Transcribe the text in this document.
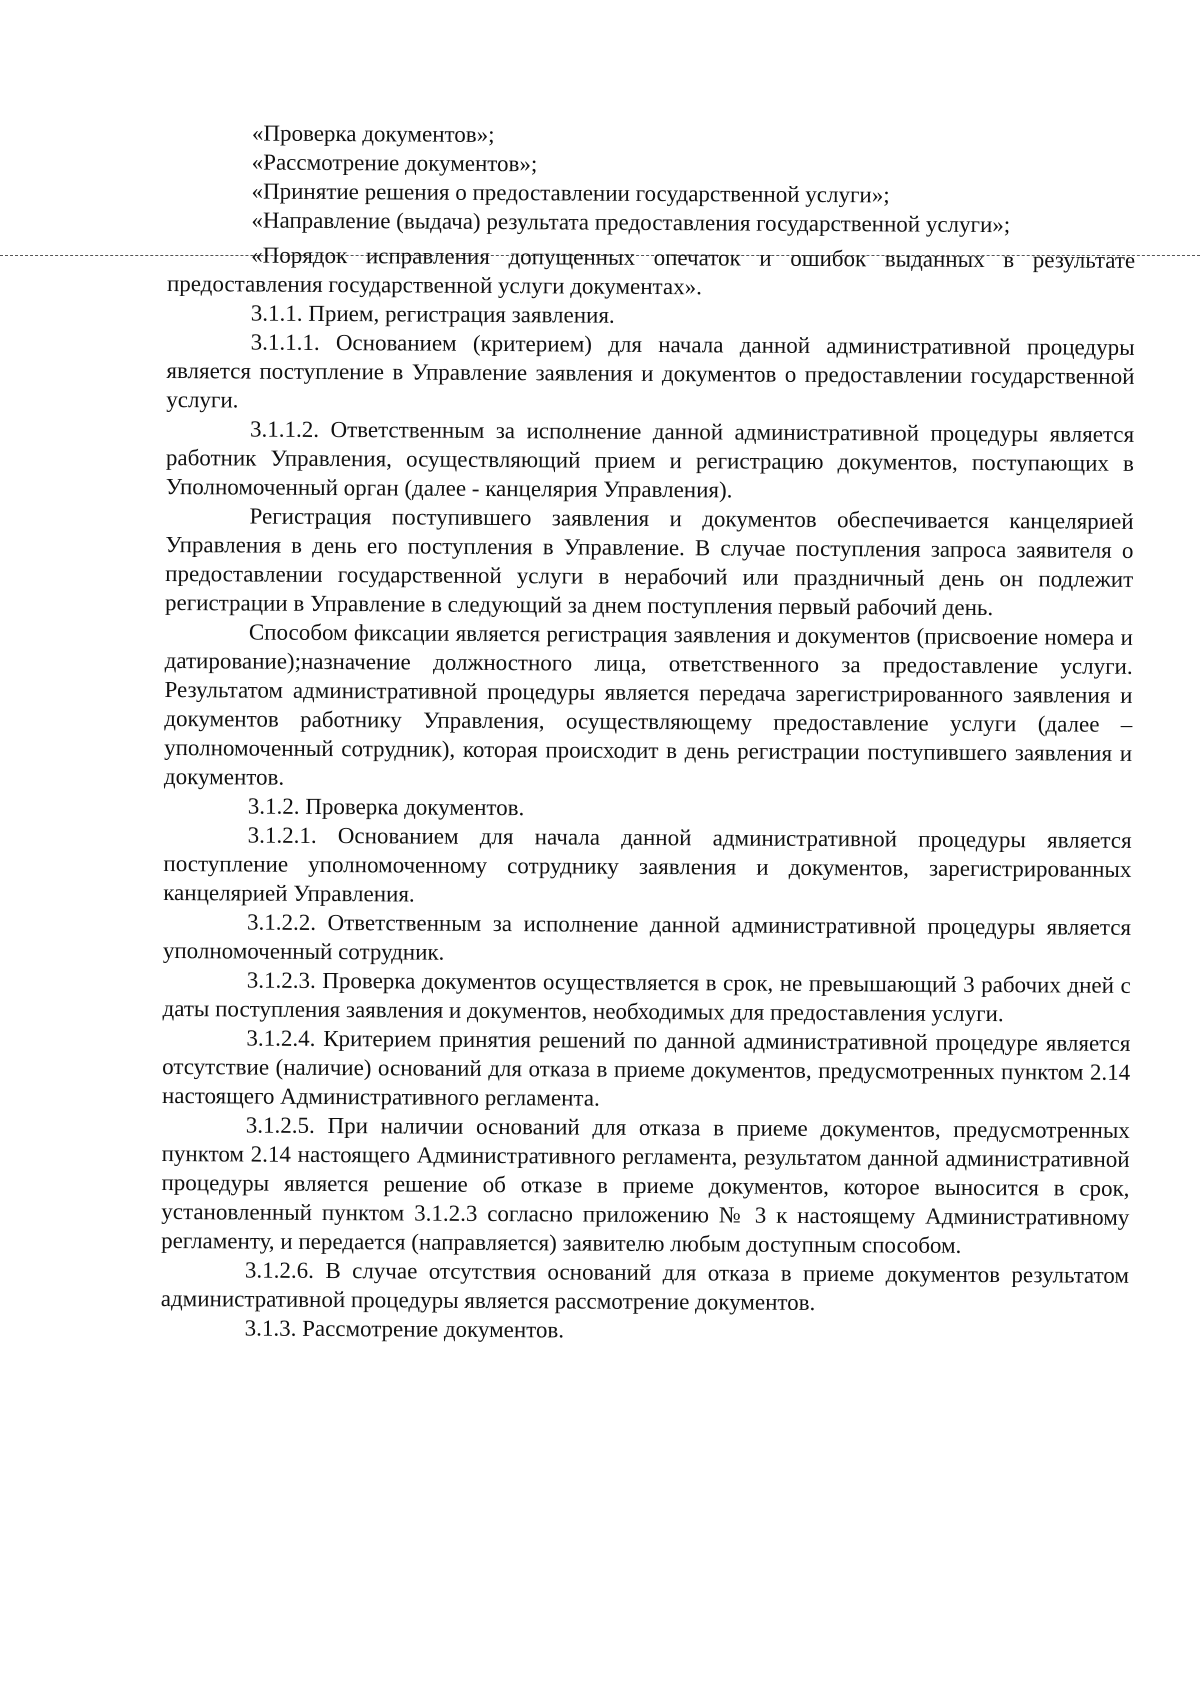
«Проверка документов»;

«Рассмотрение документов»;

«Принятие решения о предоставлении государственной услуги»;

«Направление (выдача) результата предоставления государственной услуги»;

«Порядок исправления допущенных опечаток и ошибок выданных в результате предоставления государственной услуги документах».

3.1.1. Прием, регистрация заявления.

3.1.1.1. Основанием (критерием) для начала данной административной процедуры является поступление в Управление заявления и документов о предоставлении государственной услуги.

3.1.1.2. Ответственным за исполнение данной административной процедуры является работник Управления, осуществляющий прием и регистрацию документов, поступающих в Уполномоченный орган (далее - канцелярия Управления).

Регистрация поступившего заявления и документов обеспечивается канцелярией Управления в день его поступления в Управление. В случае поступления запроса заявителя о предоставлении государственной услуги в нерабочий или праздничный день он подлежит регистрации в Управление в следующий за днем поступления первый рабочий день.

Способом фиксации является регистрация заявления и документов (присвоение номера и датирование);назначение должностного лица, ответственного за предоставление услуги. Результатом административной процедуры является передача зарегистрированного заявления и документов работнику Управления, осуществляющему предоставление услуги (далее – уполномоченный сотрудник), которая происходит в день регистрации поступившего заявления и документов.

3.1.2. Проверка документов.

3.1.2.1. Основанием для начала данной административной процедуры является поступление уполномоченному сотруднику заявления и документов, зарегистрированных канцелярией Управления.

3.1.2.2. Ответственным за исполнение данной административной процедуры является уполномоченный сотрудник.

3.1.2.3. Проверка документов осуществляется в срок, не превышающий 3 рабочих дней с даты поступления заявления и документов, необходимых для предоставления услуги.

3.1.2.4. Критерием принятия решений по данной административной процедуре является отсутствие (наличие) оснований для отказа в приеме документов, предусмотренных пунктом 2.14 настоящего Административного регламента.

3.1.2.5. При наличии оснований для отказа в приеме документов, предусмотренных пунктом 2.14 настоящего Административного регламента, результатом данной административной процедуры является решение об отказе в приеме документов, которое выносится в срок, установленный пунктом 3.1.2.3 согласно приложению № 3 к настоящему Административному регламенту, и передается (направляется) заявителю любым доступным способом.

3.1.2.6. В случае отсутствия оснований для отказа в приеме документов результатом административной процедуры является рассмотрение документов.

3.1.3. Рассмотрение документов.
